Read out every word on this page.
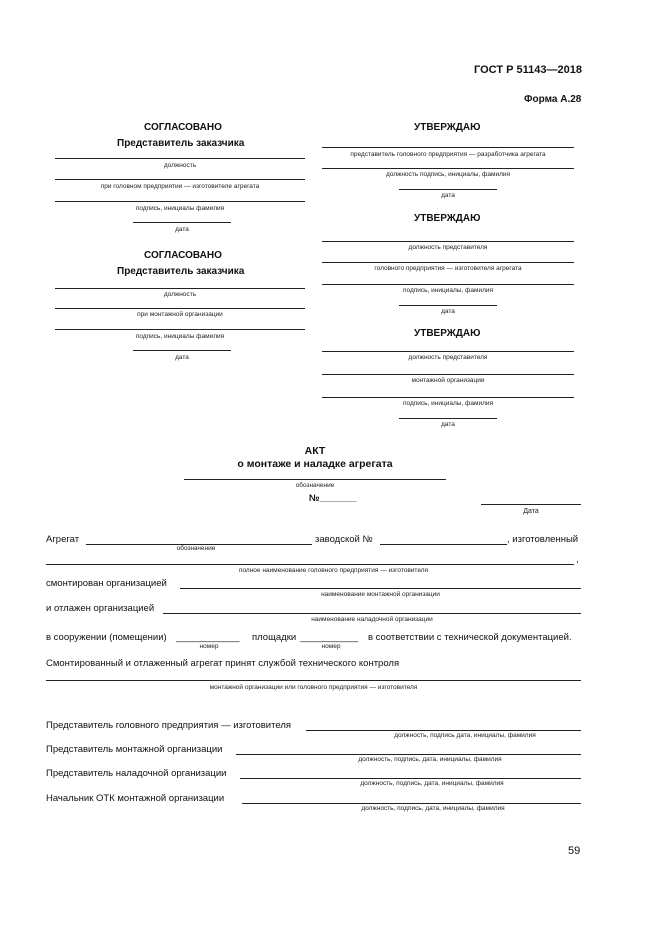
ГОСТ Р 51143—2018
Форма А.28
СОГЛАСОВАНО
Представитель заказчика
должность
при головном предприятии — изготовителе агрегата
подпись, инициалы фамилия
дата
СОГЛАСОВАНО
Представитель заказчика
должность
при монтажной организации
подпись, инициалы фамилия
дата
УТВЕРЖДАЮ
представитель головного предприятия — разработчика агрегата
должность подпись, инициалы, фамилия
дата
УТВЕРЖДАЮ
должность представителя
головного предприятия — изготовителя агрегата
подпись, инициалы, фамилия
дата
УТВЕРЖДАЮ
должность представителя
монтажной организации
подпись, инициалы, фамилия
дата
АКТ
о монтаже и наладке агрегата
обозначение
№_______
Дата
Агрегат
обозначение
заводской №	, изготовленный
,
полное наименование головного предприятия — изготовителя
смонтирован организацией
наименование монтажной организации
и отлажен организацией
наименование наладочной организации
в сооружении (помещении) ____________ площадки ___________ в соответствии с технической документацией.
номер	номер
Смонтированный и отлаженный агрегат принят службой технического контроля
монтажной организации или головного предприятия — изготовителя
Представитель головного предприятия — изготовителя
должность, подпись дата, инициалы, фамилия
Представитель монтажной организации
должность, подпись, дата, инициалы, фамилия
Представитель наладочной организации
должность, подпись, дата, инициалы, фамилия
Начальник ОТК монтажной организации
должность, подпись, дата, инициалы, фамилия
59
